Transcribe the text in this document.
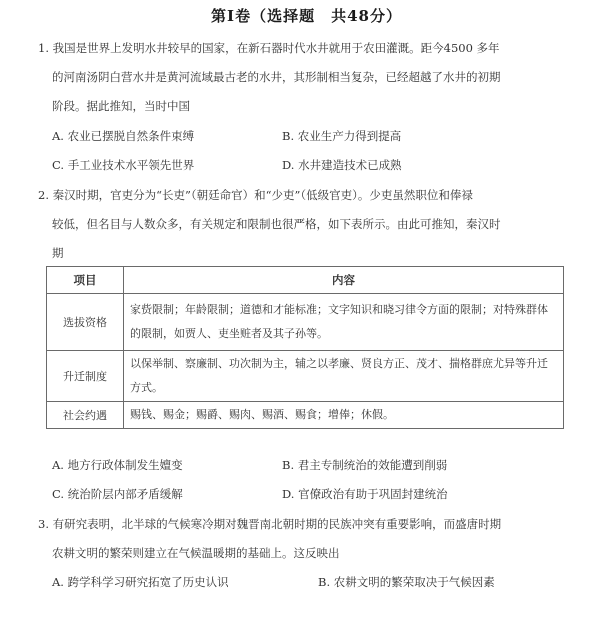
第Ⅰ卷（选择题　共48分）
1. 我国是世界上发明水井较早的国家，在新石器时代水井就用于农田灌溉。距今4500 多年
的河南汤阴白营水井是黄河流域最古老的水井，其形制相当复杂，已经超越了水井的初期
阶段。据此推知，当时中国
A. 农业已摆脱自然条件束缚	B. 农业生产力得到提高
C. 手工业技术水平领先世界	D. 水井建造技术已成熟
2. 秦汉时期，官吏分为“长吏”（朝廷命官）和“少吏”（低级官吏）。少吏虽然职位和俸禄
较低，但名目与人数众多，有关规定和限制也很严格，如下表所示。由此可推知，秦汉时
期
项目	内容
选拔资格	家赀限制；年龄限制；道德和才能标准；文字知识和晓习律令方面的限制；对特殊群体的限制，如贾人、吏坐赃者及其子孙等。
升迁制度	以保举制、察廉制、功次制为主，辅之以孝廉、贤良方正、茂才、揣格群庶尤异等升迁方式。
社会约遇	赐钱、赐金；赐爵、赐肉、赐酒、赐食；增俸；休假。
A. 地方行政体制发生嬗变	B. 君主专制统治的效能遭到削弱
C. 统治阶层内部矛盾缓解	D. 官僚政治有助于巩固封建统治
3. 有研究表明，北半球的气候寒冷期对魏晋南北朝时期的民族冲突有重要影响，而盛唐时期
农耕文明的繁荣则建立在气候温暖期的基础上。这反映出
A. 跨学科学习研究拓宽了历史认识	B. 农耕文明的繁荣取决于气候因素
